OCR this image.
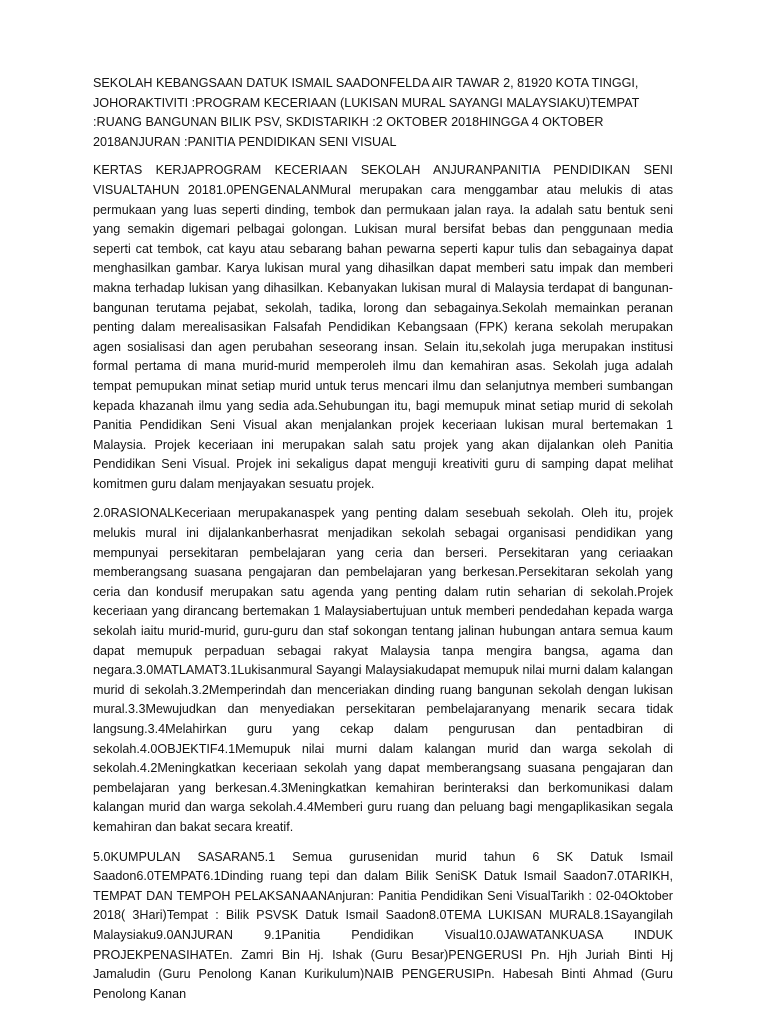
SEKOLAH KEBANGSAAN DATUK ISMAIL SAADONFELDA AIR TAWAR 2, 81920 KOTA TINGGI, JOHORAKTIVITI :PROGRAM KECERIAAN (LUKISAN MURAL SAYANGI MALAYSIAKU)TEMPAT :RUANG BANGUNAN BILIK PSV, SKDISTARIKH :2 OKTOBER 2018HINGGA 4 OKTOBER 2018ANJURAN :PANITIA PENDIDIKAN SENI VISUAL

KERTAS KERJAPROGRAM KECERIAAN SEKOLAH ANJURANPANITIA PENDIDIKAN SENI VISUALTAHUN 20181.0PENGENALANMural merupakan cara menggambar atau melukis di atas permukaan yang luas seperti dinding, tembok dan permukaan jalan raya. Ia adalah satu bentuk seni yang semakin digemari pelbagai golongan. Lukisan mural bersifat bebas dan penggunaan media seperti cat tembok, cat kayu atau sebarang bahan pewarna seperti kapur tulis dan sebagainya dapat menghasilkan gambar. Karya lukisan mural yang dihasilkan dapat memberi satu impak dan memberi makna terhadap lukisan yang dihasilkan. Kebanyakan lukisan mural di Malaysia terdapat di bangunan-bangunan terutama pejabat, sekolah, tadika, lorong dan sebagainya.Sekolah memainkan peranan penting dalam merealisasikan Falsafah Pendidikan Kebangsaan (FPK) kerana sekolah merupakan agen sosialisasi dan agen perubahan seseorang insan. Selain itu,sekolah juga merupakan institusi formal pertama di mana murid-murid memperoleh ilmu dan kemahiran asas. Sekolah juga adalah tempat pemupukan minat setiap murid untuk terus mencari ilmu dan selanjutnya memberi sumbangan kepada khazanah ilmu yang sedia ada.Sehubungan itu, bagi memupuk minat setiap murid di sekolah Panitia Pendidikan Seni Visual akan menjalankan projek keceriaan lukisan mural bertemakan 1 Malaysia. Projek keceriaan ini merupakan salah satu projek yang akan dijalankan oleh Panitia Pendidikan Seni Visual. Projek ini sekaligus dapat menguji kreativiti guru di samping dapat melihat komitmen guru dalam menjayakan sesuatu projek.

2.0RASIONALKeceriaan merupakanaspek yang penting dalam sesebuah sekolah. Oleh itu, projek melukis mural ini dijalankanberhasrat menjadikan sekolah sebagai organisasi pendidikan yang mempunyai persekitaran pembelajaran yang ceria dan berseri. Persekitaran yang ceriaakan memberangsang suasana pengajaran dan pembelajaran yang berkesan.Persekitaran sekolah yang ceria dan kondusif merupakan satu agenda yang penting dalam rutin seharian di sekolah.Projek keceriaan yang dirancang bertemakan 1 Malaysiabertujuan untuk memberi pendedahan kepada warga sekolah iaitu murid-murid, guru-guru dan staf sokongan tentang jalinan hubungan antara semua kaum dapat memupuk perpaduan sebagai rakyat Malaysia tanpa mengira bangsa, agama dan negara.3.0MATLAMAT3.1Lukisanmural Sayangi Malaysiakudapat memupuk nilai murni dalam kalangan murid di sekolah.3.2Memperindah dan menceriakan dinding ruang bangunan sekolah dengan lukisan mural.3.3Mewujudkan dan menyediakan persekitaran pembelajaranyang menarik secara tidak langsung.3.4Melahirkan guru yang cekap dalam pengurusan dan pentadbiran di sekolah.4.0OBJEKTIF4.1Memupuk nilai murni dalam kalangan murid dan warga sekolah di sekolah.4.2Meningkatkan keceriaan sekolah yang dapat memberangsang suasana pengajaran dan pembelajaran yang berkesan.4.3Meningkatkan kemahiran berinteraksi dan berkomunikasi dalam kalangan murid dan warga sekolah.4.4Memberi guru ruang dan peluang bagi mengaplikasikan segala kemahiran dan bakat secara kreatif.

5.0KUMPULAN SASARAN5.1 Semua gurusenidan murid tahun 6 SK Datuk Ismail Saadon6.0TEMPAT6.1Dinding ruang tepi dan dalam Bilik SeniSK Datuk Ismail Saadon7.0TARIKH, TEMPAT DAN TEMPOH PELAKSANAANAnjuran: Panitia Pendidikan Seni VisualTarikh : 02-04Oktober 2018( 3Hari)Tempat : Bilik PSVSK Datuk Ismail Saadon8.0TEMA LUKISAN MURAL8.1Sayangilah Malaysiaku9.0ANJURAN 9.1Panitia Pendidikan Visual10.0JAWATANKUASA INDUK PROJEKPENASIHATEn. Zamri Bin Hj. Ishak (Guru Besar)PENGERUSI Pn. Hjh Juriah Binti Hj Jamaludin (Guru Penolong Kanan Kurikulum)NAIB PENGERUSIPn. Habesah Binti Ahmad (Guru Penolong Kanan
